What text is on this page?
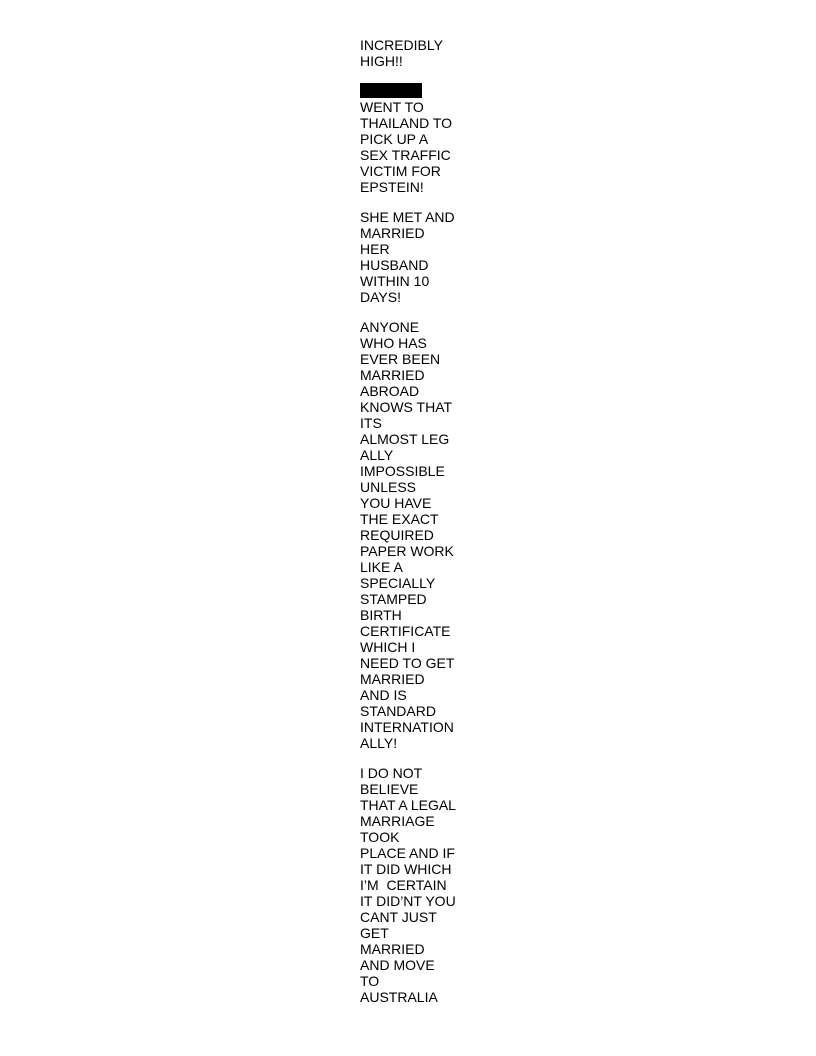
INCREDIBLY
HIGH!!
WENT TO
THAILAND TO
PICK UP A
SEX TRAFFIC
VICTIM FOR
EPSTEIN!
SHE MET AND
MARRIED
HER
HUSBAND
WITHIN 10
DAYS!
ANYONE
WHO HAS
EVER BEEN
MARRIED
ABROAD
KNOWS THAT
ITS
ALMOST LEG
ALLY
IMPOSSIBLE
UNLESS
YOU HAVE
THE EXACT
REQUIRED
PAPER WORK
LIKE A
SPECIALLY
STAMPED
BIRTH
CERTIFICATE
WHICH I
NEED TO GET
MARRIED
AND IS
STANDARD
INTERNATION
ALLY!
I DO NOT
BELIEVE
THAT A LEGAL
MARRIAGE
TOOK
PLACE AND IF
IT DID WHICH
I’M  CERTAIN
IT DID’NT YOU
CANT JUST
GET
MARRIED
AND MOVE
TO
AUSTRALIA
